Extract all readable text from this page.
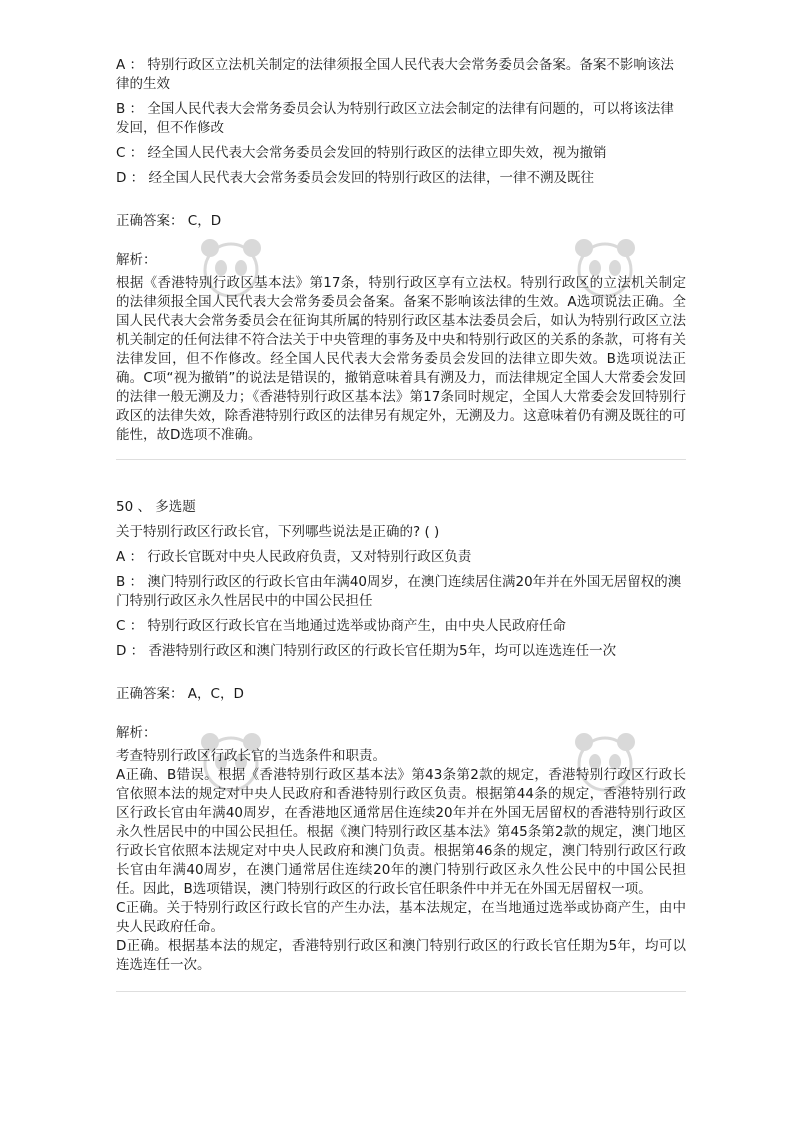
A ： 特别行政区立法机关制定的法律须报全国人民代表大会常务委员会备案。备案不影响该法律的生效

B ： 全国人民代表大会常务委员会认为特别行政区立法会制定的法律有问题的，可以将该法律发回，但不作修改

C ： 经全国人民代表大会常务委员会发回的特别行政区的法律立即失效，视为撤销

D ： 经全国人民代表大会常务委员会发回的特别行政区的法律，一律不溯及既往

正确答案： C，D

解析：

根据《香港特别行政区基本法》第17条，特别行政区享有立法权。特别行政区的立法机关制定的法律须报全国人民代表大会常务委员会备案。备案不影响该法律的生效。A选项说法正确。全国人民代表大会常务委员会在征询其所属的特别行政区基本法委员会后，如认为特别行政区立法机关制定的任何法律不符合法关于中央管理的事务及中央和特别行政区的关系的条款，可将有关法律发回，但不作修改。经全国人民代表大会常务委员会发回的法律立即失效。B选项说法正确。C项“视为撤销”的说法是错误的，撤销意味着具有溯及力，而法律规定全国人大常委会发回的法律一般无溯及力；《香港特别行政区基本法》第17条同时规定，全国人大常委会发回特别行政区的法律失效，除香港特别行政区的法律另有规定外，无溯及力。这意味着仍有溯及既往的可能性，故D选项不准确。

50 、 多选题

关于特别行政区行政长官，下列哪些说法是正确的? ( )

A ： 行政长官既对中央人民政府负责，又对特别行政区负责

B ： 澳门特别行政区的行政长官由年满40周岁，在澳门连续居住满20年并在外国无居留权的澳门特别行政区永久性居民中的中国公民担任

C ： 特别行政区行政长官在当地通过选举或协商产生，由中央人民政府任命

D ： 香港特别行政区和澳门特别行政区的行政长官任期为5年，均可以连选连任一次

正确答案： A，C，D

解析：

考查特别行政区行政长官的当选条件和职责。

A正确、B错误。根据《香港特别行政区基本法》第43条第2款的规定，香港特别行政区行政长官依照本法的规定对中央人民政府和香港特别行政区负责。根据第44条的规定，香港特别行政区行政长官由年满40周岁，在香港地区通常居住连续20年并在外国无居留权的香港特别行政区永久性居民中的中国公民担任。根据《澳门特别行政区基本法》第45条第2款的规定，澳门地区行政长官依照本法规定对中央人民政府和澳门负责。根据第46条的规定，澳门特别行政区行政长官由年满40周岁，在澳门通常居住连续20年的澳门特别行政区永久性公民中的中国公民担任。因此，B选项错误，澳门特别行政区的行政长官任职条件中并无在外国无居留权一项。

C正确。关于特别行政区行政长官的产生办法，基本法规定，在当地通过选举或协商产生，由中央人民政府任命。

D正确。根据基本法的规定，香港特别行政区和澳门特别行政区的行政长官任期为5年，均可以连选连任一次。
